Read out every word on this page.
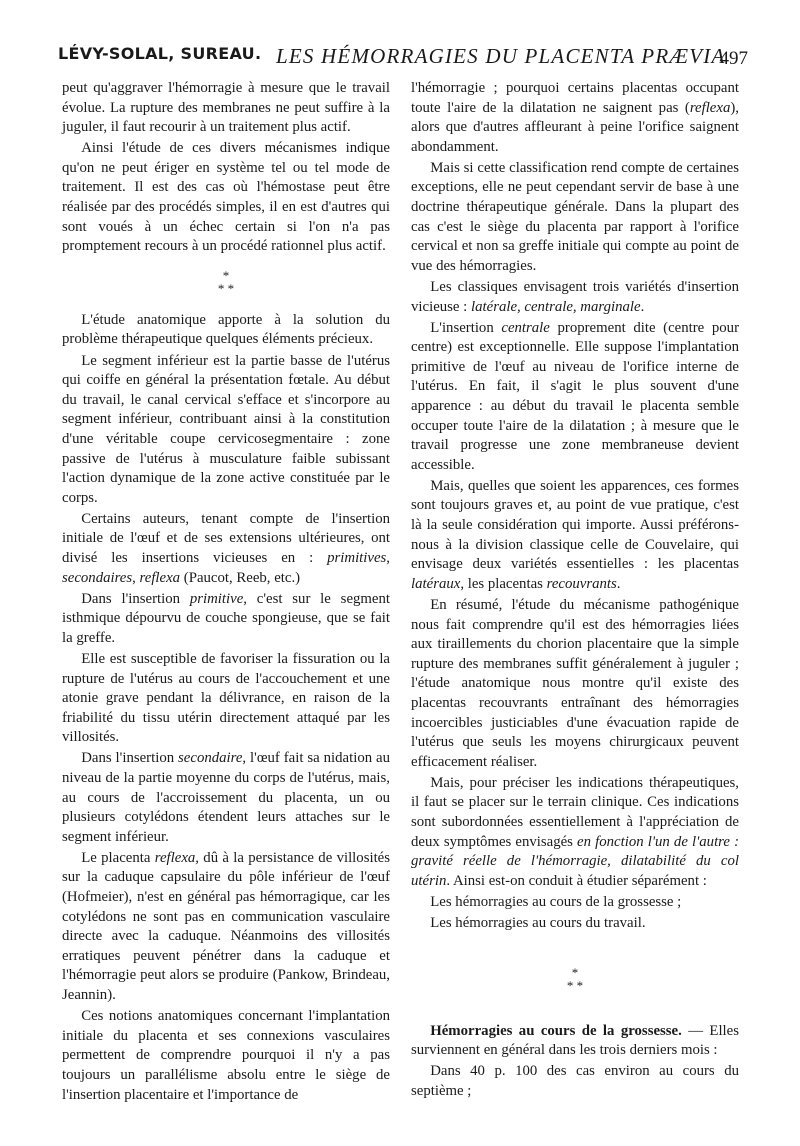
LÉVY-SOLAL, SUREAU. LES HÉMORRAGIES DU PLACENTA PRÆVIA
497

peut qu'aggraver l'hémorragie à mesure que le travail évolue. La rupture des membranes ne peut suffire à la juguler, il faut recourir à un traitement plus actif.

Ainsi l'étude de ces divers mécanismes indique qu'on ne peut ériger en système tel ou tel mode de traitement. Il est des cas où l'hémostase peut être réalisée par des procédés simples, il en est d'autres qui sont voués à un échec certain si l'on n'a pas promptement recours à un procédé rationnel plus actif.

*
* *

L'étude anatomique apporte à la solution du problème thérapeutique quelques éléments précieux.

Le segment inférieur est la partie basse de l'utérus qui coiffe en général la présentation fœtale. Au début du travail, le canal cervical s'efface et s'incorpore au segment inférieur, contribuant ainsi à la constitution d'une véritable coupe cervicosegmentaire : zone passive de l'utérus à musculature faible subissant l'action dynamique de la zone active constituée par le corps.

Certains auteurs, tenant compte de l'insertion initiale de l'œuf et de ses extensions ultérieures, ont divisé les insertions vicieuses en : primitives, secondaires, reflexa (Paucot, Reeb, etc.)

Dans l'insertion primitive, c'est sur le segment isthmique dépourvu de couche spongieuse, que se fait la greffe.

Elle est susceptible de favoriser la fissuration ou la rupture de l'utérus au cours de l'accouchement et une atonie grave pendant la délivrance, en raison de la friabilité du tissu utérin directement attaqué par les villosités.

Dans l'insertion secondaire, l'œuf fait sa nidation au niveau de la partie moyenne du corps de l'utérus, mais, au cours de l'accroissement du placenta, un ou plusieurs cotylédons étendent leurs attaches sur le segment inférieur.

Le placenta reflexa, dû à la persistance de villosités sur la caduque capsulaire du pôle inférieur de l'œuf (Hofmeier), n'est en général pas hémorragique, car les cotylédons ne sont pas en communication vasculaire directe avec la caduque. Néanmoins des villosités erratiques peuvent pénétrer dans la caduque et l'hémorragie peut alors se produire (Pankow, Brindeau, Jeannin).

Ces notions anatomiques concernant l'implantation initiale du placenta et ses connexions vasculaires permettent de comprendre pourquoi il n'y a pas toujours un parallélisme absolu entre le siège de l'insertion placentaire et l'importance de

l'hémorragie ; pourquoi certains placentas occupant toute l'aire de la dilatation ne saignent pas (reflexa), alors que d'autres affleurant à peine l'orifice saignent abondamment.

Mais si cette classification rend compte de certaines exceptions, elle ne peut cependant servir de base à une doctrine thérapeutique générale. Dans la plupart des cas c'est le siège du placenta par rapport à l'orifice cervical et non sa greffe initiale qui compte au point de vue des hémorragies.

Les classiques envisagent trois variétés d'insertion vicieuse : latérale, centrale, marginale.

L'insertion centrale proprement dite (centre pour centre) est exceptionnelle. Elle suppose l'implantation primitive de l'œuf au niveau de l'orifice interne de l'utérus. En fait, il s'agit le plus souvent d'une apparence : au début du travail le placenta semble occuper toute l'aire de la dilatation ; à mesure que le travail progresse une zone membraneuse devient accessible.

Mais, quelles que soient les apparences, ces formes sont toujours graves et, au point de vue pratique, c'est là la seule considération qui importe. Aussi préférons-nous à la division classique celle de Couvelaire, qui envisage deux variétés essentielles : les placentas latéraux, les placentas recouvrants.

En résumé, l'étude du mécanisme pathogénique nous fait comprendre qu'il est des hémorragies liées aux tiraillements du chorion placentaire que la simple rupture des membranes suffit généralement à juguler ; l'étude anatomique nous montre qu'il existe des placentas recouvrants entraînant des hémorragies incoercibles justiciables d'une évacuation rapide de l'utérus que seuls les moyens chirurgicaux peuvent efficacement réaliser.

Mais, pour préciser les indications thérapeutiques, il faut se placer sur le terrain clinique. Ces indications sont subordonnées essentiellement à l'appréciation de deux symptômes envisagés en fonction l'un de l'autre : gravité réelle de l'hémorragie, dilatabilité du col utérin. Ainsi est-on conduit à étudier séparément :

Les hémorragies au cours de la grossesse ;

Les hémorragies au cours du travail.

*
* *

Hémorragies au cours de la grossesse. — Elles surviennent en général dans les trois derniers mois :

Dans 40 p. 100 des cas environ au cours du septième ;
